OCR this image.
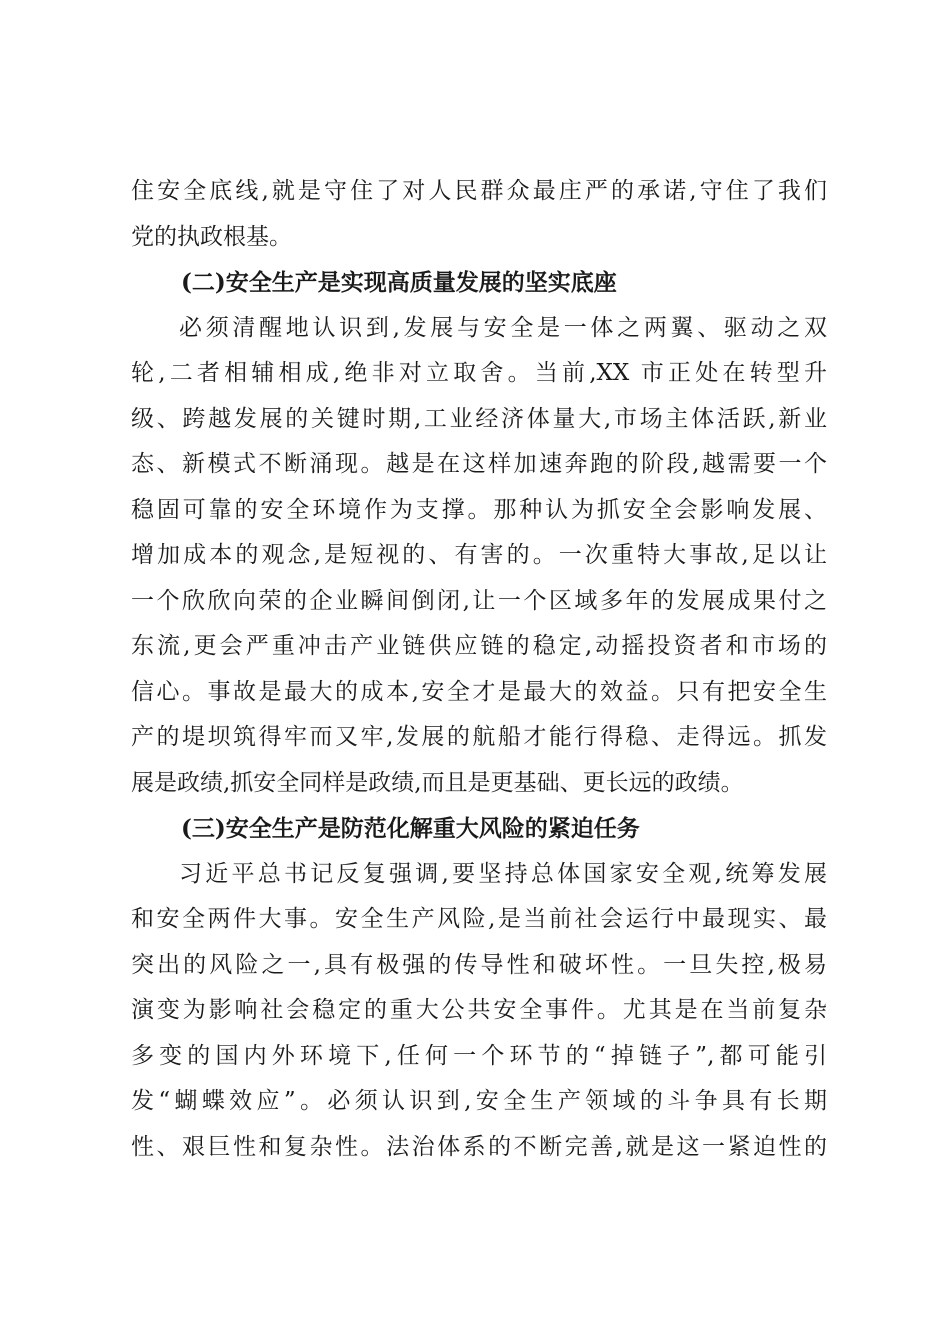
住安全底线,就是守住了对人民群众最庄严的承诺,守住了我们
党的执政根基。
(二)安全生产是实现高质量发展的坚实底座
必须清醒地认识到,发展与安全是一体之两翼、驱动之双
轮,二者相辅相成,绝非对立取舍。当前,XX 市正处在转型升
级、跨越发展的关键时期,工业经济体量大,市场主体活跃,新业
态、新模式不断涌现。越是在这样加速奔跑的阶段,越需要一个
稳固可靠的安全环境作为支撑。那种认为抓安全会影响发展、
增加成本的观念,是短视的、有害的。一次重特大事故,足以让
一个欣欣向荣的企业瞬间倒闭,让一个区域多年的发展成果付之
东流,更会严重冲击产业链供应链的稳定,动摇投资者和市场的
信心。事故是最大的成本,安全才是最大的效益。只有把安全生
产的堤坝筑得牢而又牢,发展的航船才能行得稳、走得远。抓发
展是政绩,抓安全同样是政绩,而且是更基础、更长远的政绩。
(三)安全生产是防范化解重大风险的紧迫任务
习近平总书记反复强调,要坚持总体国家安全观,统筹发展
和安全两件大事。安全生产风险,是当前社会运行中最现实、最
突出的风险之一,具有极强的传导性和破坏性。一旦失控,极易
演变为影响社会稳定的重大公共安全事件。尤其是在当前复杂
多变的国内外环境下,任何一个环节的“掉链子”,都可能引
发“蝴蝶效应”。必须认识到,安全生产领域的斗争具有长期
性、艰巨性和复杂性。法治体系的不断完善,就是这一紧迫性的
